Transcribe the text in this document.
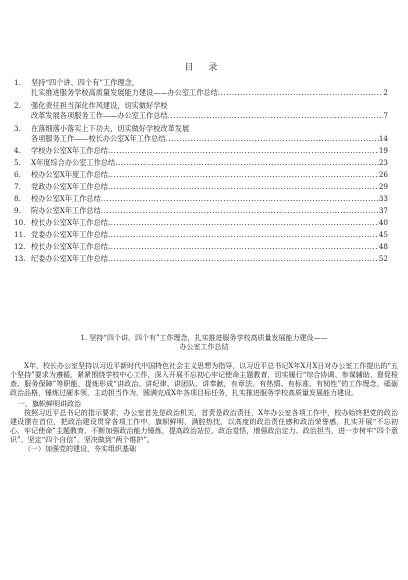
目 录
1.	坚持“四个讲、四个有”工作理念，
扎实推进服务学校高质量发展能力建设——办公室工作总结 .....	2
2.	强化责任担当深化作风建设，切实做好学校
改革发展各项服务工作——办公室工作总结 .....	7
3.	在落细落小落实上下功夫，切实做好学校改革发展
各项服务工作——校长办公室X年工作总结 .....	14
4.	学校办公室X年工作总结 .....	19
5.	X年度综合办公室工作总结 .....	23
6.	校办公室X年度工作总结 .....	26
7.	党政办公室X年工作总结 .....	29
8.	校办公室X年工作总结 .....	33
9.	院办公室X年工作总结 .....	37
10. 校长办公室X年工作总结 .....	40
11. 党委办公室X年工作总结 .....	45
12. 校长办公室X年工作总结 .....	48
13. 纪委办公室X年工作总结 .....	52
1. 坚持“四个讲、四个有”工作理念，扎实推进服务学校高质量发展能力建设——
办公室工作总结
X年，校长办公室坚持以习近平新时代中国特色社会主义思想为指导，以习近平总书记X年X月X日对办公室工作提出的“五个坚持”要求为遵循，紧紧围绕学校中心工作，深入开展不忘初心牢记使命主题教育，切实履行“综合协调、参谋辅助、督促检查、服务保障”等职能，提炼形成“讲政治、讲纪律、讲团队、讲奉献，有章法、有热情、有标准、有韧性”的工作理念，砥砺政治品格，锤炼过硬本领，主动担当作为，圆满完成X年各项目标任务，扎实推进服务学校高质量发展能力建设。
一、旗帜鲜明讲政治
按照习近平总书记的指示要求，办公室首先是政治机关，首责是政治责任，X年办公室各项工作中，校办始终把党的政治建设摆在首位，把政治建设贯穿各项工作中，旗帜鲜明，满腔热忱，以高度的政治责任感和政治荣誉感，扎实开展“不忘初心、牢记使命”主题教育，不断加强政治能力锤炼，提高政治站位、政治觉悟，增强政治定力、政治担当，进一步树牢“四个意识”、坚定“四个自信”、坚决做到“两个维护”。
（一）加强党的建设，夯实组织基础
